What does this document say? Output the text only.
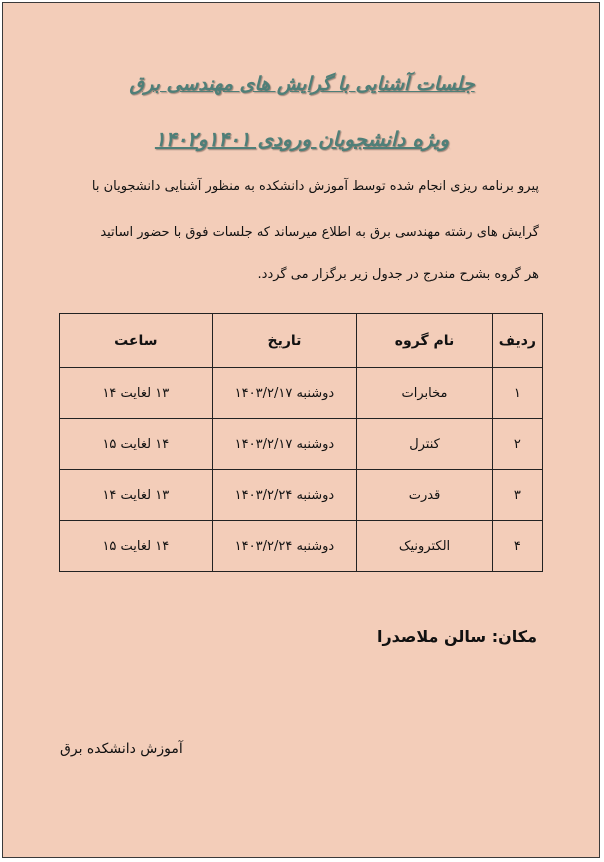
جلسات آشنایی با گرایش های مهندسی برق
ویژه دانشجویان ورودی ۱۴۰۱و۱۴۰۲
پیرو برنامه ریزی انجام شده توسط آموزش دانشکده به منظور آشنایی دانشجویان با
گرایش های رشته مهندسی برق به اطلاع میرساند که جلسات فوق با حضور اساتید
هر گروه بشرح مندرج در جدول زیر برگزار می گردد.
ردیف	نام گروه	تاریخ	ساعت
۱	مخابرات	دوشنبه ۱۴۰۳/۲/۱۷	۱۳ لغایت ۱۴
۲	کنترل	دوشنبه ۱۴۰۳/۲/۱۷	۱۴ لغایت ۱۵
۳	قدرت	دوشنبه ۱۴۰۳/۲/۲۴	۱۳ لغایت ۱۴
۴	الکترونیک	دوشنبه ۱۴۰۳/۲/۲۴	۱۴ لغایت ۱۵
مکان: سالن ملاصدرا
آموزش دانشکده برق
